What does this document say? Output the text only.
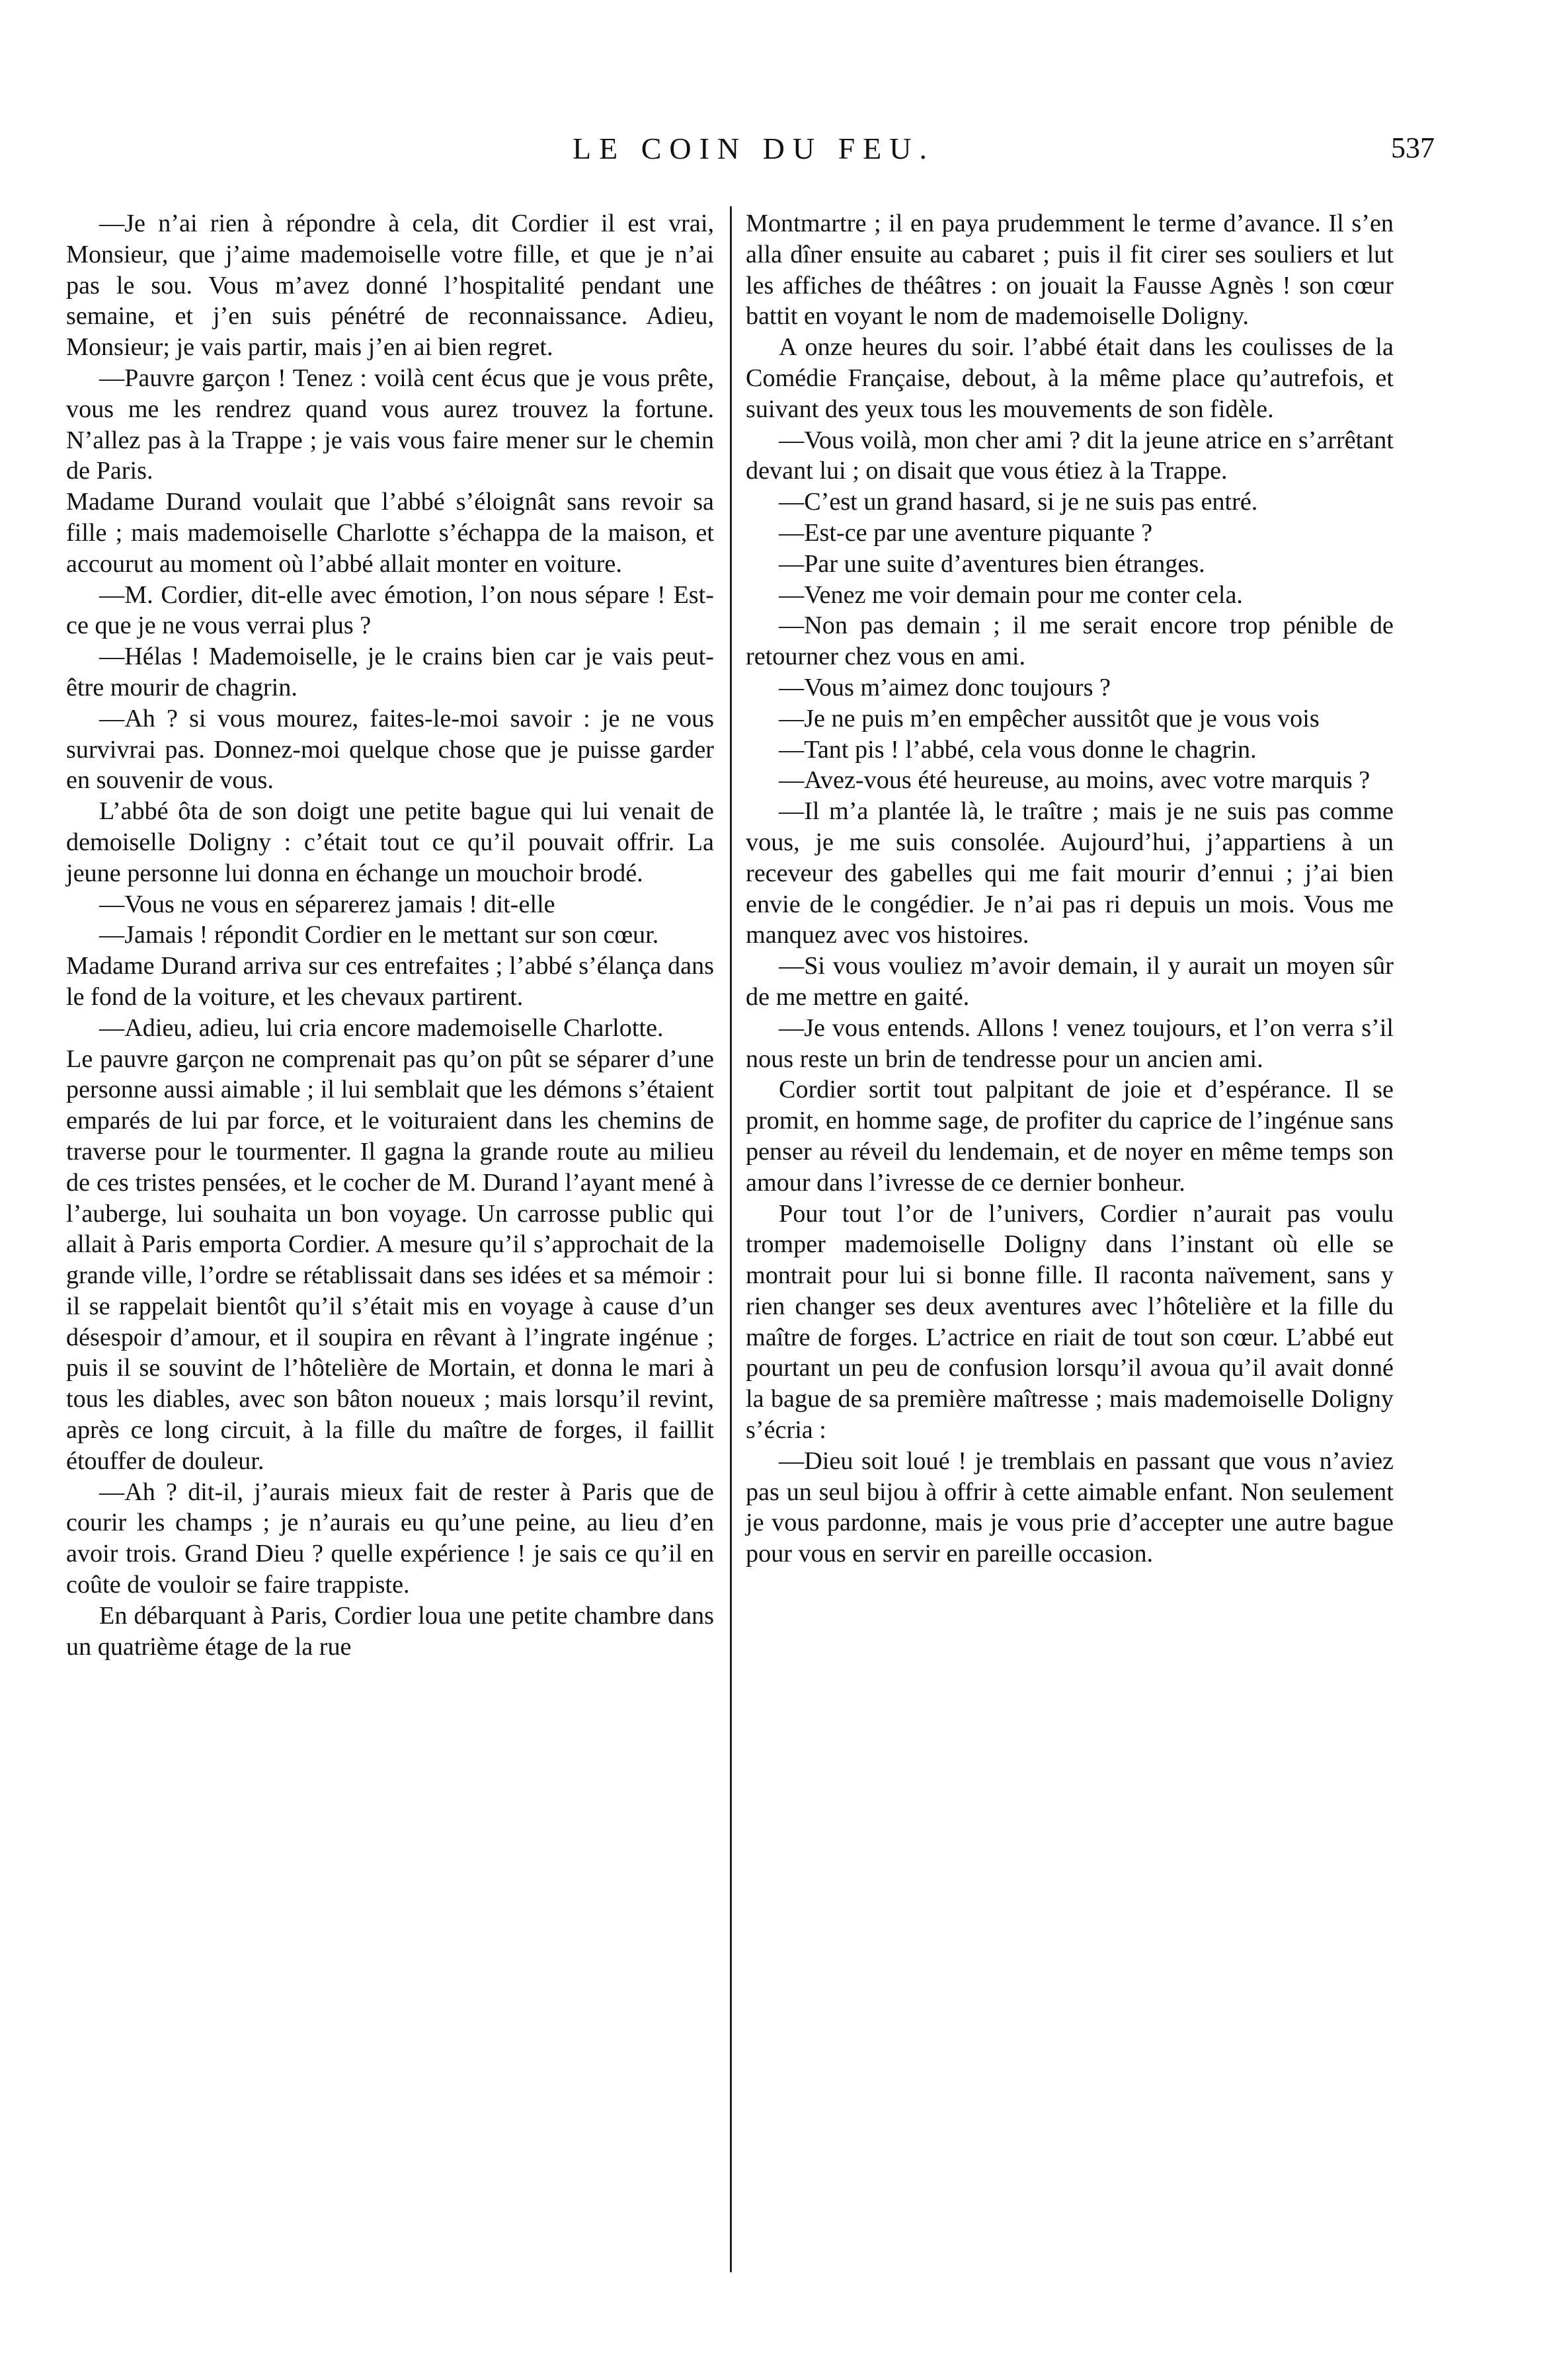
LE COIN DU FEU.	537

—Je n’ai rien à répondre à cela, dit Cordier il est vrai, Monsieur, que j’aime mademoiselle votre fille, et que je n’ai pas le sou. Vous m’avez donné l’hospitalité pendant une semaine, et j’en suis pénétré de reconnaissance. Adieu, Monsieur; je vais partir, mais j’en ai bien regret.

—Pauvre garçon ! Tenez : voilà cent écus que je vous prête, vous me les rendrez quand vous aurez trouvez la fortune. N’allez pas à la Trappe ; je vais vous faire mener sur le chemin de Paris.

Madame Durand voulait que l’abbé s’éloignât sans revoir sa fille ; mais mademoiselle Charlotte s’échappa de la maison, et accourut au moment où l’abbé allait monter en voiture.

—M. Cordier, dit-elle avec émotion, l’on nous sépare ! Est-ce que je ne vous verrai plus ?

—Hélas ! Mademoiselle, je le crains bien car je vais peut-être mourir de chagrin.

—Ah ? si vous mourez, faites-le-moi savoir : je ne vous survivrai pas. Donnez-moi quelque chose que je puisse garder en souvenir de vous.

L’abbé ôta de son doigt une petite bague qui lui venait de demoiselle Doligny : c’était tout ce qu’il pouvait offrir. La jeune personne lui donna en échange un mouchoir brodé.

—Vous ne vous en séparerez jamais ! dit-elle

—Jamais ! répondit Cordier en le mettant sur son cœur.

Madame Durand arriva sur ces entrefaites ; l’abbé s’élança dans le fond de la voiture, et les chevaux partirent.

—Adieu, adieu, lui cria encore mademoiselle Charlotte.

Le pauvre garçon ne comprenait pas qu’on pût se séparer d’une personne aussi aimable ; il lui semblait que les démons s’étaient emparés de lui par force, et le voituraient dans les chemins de traverse pour le tourmenter. Il gagna la grande route au milieu de ces tristes pensées, et le cocher de M. Durand l’ayant mené à l’auberge, lui souhaita un bon voyage. Un carrosse public qui allait à Paris emporta Cordier. A mesure qu’il s’approchait de la grande ville, l’ordre se rétablissait dans ses idées et sa mémoir : il se rappelait bientôt qu’il s’était mis en voyage à cause d’un désespoir d’amour, et il soupira en rêvant à l’ingrate ingénue ; puis il se souvint de l’hôtelière de Mortain, et donna le mari à tous les diables, avec son bâton noueux ; mais lorsqu’il revint, après ce long circuit, à la fille du maître de forges, il faillit étouffer de douleur.

—Ah ? dit-il, j’aurais mieux fait de rester à Paris que de courir les champs ; je n’aurais eu qu’une peine, au lieu d’en avoir trois. Grand Dieu ? quelle expérience ! je sais ce qu’il en coûte de vouloir se faire trappiste.

En débarquant à Paris, Cordier loua une petite chambre dans un quatrième étage de la rue

Montmartre ; il en paya prudemment le terme d’avance. Il s’en alla dîner ensuite au cabaret ; puis il fit cirer ses souliers et lut les affiches de théâtres : on jouait la Fausse Agnès ! son cœur battit en voyant le nom de mademoiselle Doligny.

A onze heures du soir. l’abbé était dans les coulisses de la Comédie Française, debout, à la même place qu’autrefois, et suivant des yeux tous les mouvements de son fidèle.

—Vous voilà, mon cher ami ? dit la jeune atrice en s’arrêtant devant lui ; on disait que vous étiez à la Trappe.

—C’est un grand hasard, si je ne suis pas entré.

—Est-ce par une aventure piquante ?

—Par une suite d’aventures bien étranges.

—Venez me voir demain pour me conter cela.

—Non pas demain ; il me serait encore trop pénible de retourner chez vous en ami.

—Vous m’aimez donc toujours ?

—Je ne puis m’en empêcher aussitôt que je vous vois

—Tant pis ! l’abbé, cela vous donne le chagrin.

—Avez-vous été heureuse, au moins, avec votre marquis ?

—Il m’a plantée là, le traître ; mais je ne suis pas comme vous, je me suis consolée. Aujourd’hui, j’appartiens à un receveur des gabelles qui me fait mourir d’ennui ; j’ai bien envie de le congédier. Je n’ai pas ri depuis un mois. Vous me manquez avec vos histoires.

—Si vous vouliez m’avoir demain, il y aurait un moyen sûr de me mettre en gaité.

—Je vous entends. Allons ! venez toujours, et l’on verra s’il nous reste un brin de tendresse pour un ancien ami.

Cordier sortit tout palpitant de joie et d’espérance. Il se promit, en homme sage, de profiter du caprice de l’ingénue sans penser au réveil du lendemain, et de noyer en même temps son amour dans l’ivresse de ce dernier bonheur.

Pour tout l’or de l’univers, Cordier n’aurait pas voulu tromper mademoiselle Doligny dans l’instant où elle se montrait pour lui si bonne fille. Il raconta naïvement, sans y rien changer ses deux aventures avec l’hôtelière et la fille du maître de forges. L’actrice en riait de tout son cœur. L’abbé eut pourtant un peu de confusion lorsqu’il avoua qu’il avait donné la bague de sa première maîtresse ; mais mademoiselle Doligny s’écria :

—Dieu soit loué ! je tremblais en passant que vous n’aviez pas un seul bijou à offrir à cette aimable enfant. Non seulement je vous pardonne, mais je vous prie d’accepter une autre bague pour vous en servir en pareille occasion.
